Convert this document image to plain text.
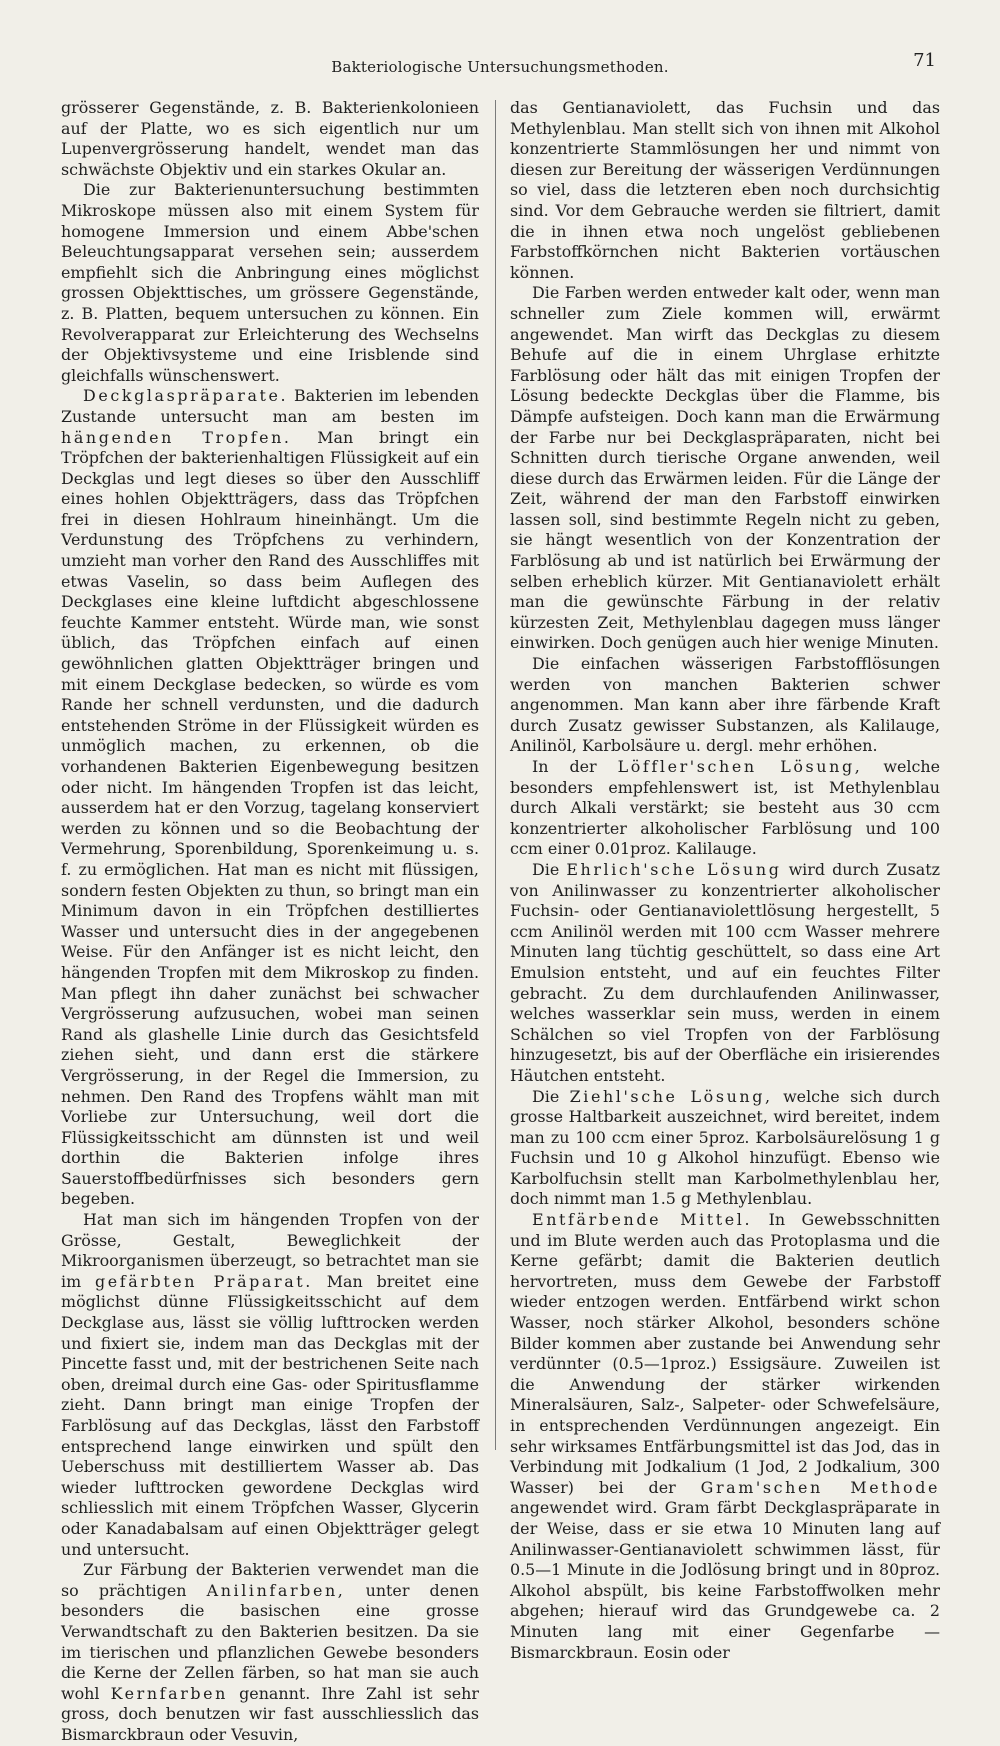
Bakteriologische Untersuchungsmethoden.	71

grösserer Gegenstände, z. B. Bakterienkolonieen auf der Platte, wo es sich eigentlich nur um Lupenvergrösserung handelt, wendet man das schwächste Objektiv und ein starkes Okular an.

Die zur Bakterienuntersuchung bestimmten Mikroskope müssen also mit einem System für homogene Immersion und einem Abbe'schen Beleuchtungsapparat versehen sein; ausserdem empfiehlt sich die Anbringung eines möglichst grossen Objekttisches, um grössere Gegenstände, z. B. Platten, bequem untersuchen zu können. Ein Revolverapparat zur Erleichterung des Wechselns der Objektivsysteme und eine Irisblende sind gleichfalls wünschenswert.

Deckglaspräparate. Bakterien im lebenden Zustande untersucht man am besten im hängenden Tropfen. Man bringt ein Tröpfchen der bakterienhaltigen Flüssigkeit auf ein Deckglas und legt dieses so über den Ausschliff eines hohlen Objektträgers, dass das Tröpfchen frei in diesen Hohlraum hineinhängt. Um die Verdunstung des Tröpfchens zu verhindern, umzieht man vorher den Rand des Ausschliffes mit etwas Vaselin, so dass beim Auflegen des Deckglases eine kleine luftdicht abgeschlossene feuchte Kammer entsteht. Würde man, wie sonst üblich, das Tröpfchen einfach auf einen gewöhnlichen glatten Objektträger bringen und mit einem Deckglase bedecken, so würde es vom Rande her schnell verdunsten, und die dadurch entstehenden Ströme in der Flüssigkeit würden es unmöglich machen, zu erkennen, ob die vorhandenen Bakterien Eigenbewegung besitzen oder nicht. Im hängenden Tropfen ist das leicht, ausserdem hat er den Vorzug, tagelang konserviert werden zu können und so die Beobachtung der Vermehrung, Sporenbildung, Sporenkeimung u. s. f. zu ermöglichen. Hat man es nicht mit flüssigen, sondern festen Objekten zu thun, so bringt man ein Minimum davon in ein Tröpfchen destilliertes Wasser und untersucht dies in der angegebenen Weise. Für den Anfänger ist es nicht leicht, den hängenden Tropfen mit dem Mikroskop zu finden. Man pflegt ihn daher zunächst bei schwacher Vergrösserung aufzusuchen, wobei man seinen Rand als glashelle Linie durch das Gesichtsfeld ziehen sieht, und dann erst die stärkere Vergrösserung, in der Regel die Immersion, zu nehmen. Den Rand des Tropfens wählt man mit Vorliebe zur Untersuchung, weil dort die Flüssigkeitsschicht am dünnsten ist und weil dorthin die Bakterien infolge ihres Sauerstoffbedürfnisses sich besonders gern begeben.

Hat man sich im hängenden Tropfen von der Grösse, Gestalt, Beweglichkeit der Mikroorganismen überzeugt, so betrachtet man sie im gefärbten Präparat. Man breitet eine möglichst dünne Flüssigkeitsschicht auf dem Deckglase aus, lässt sie völlig lufttrocken werden und fixiert sie, indem man das Deckglas mit der Pincette fasst und, mit der bestrichenen Seite nach oben, dreimal durch eine Gas- oder Spiritusflamme zieht. Dann bringt man einige Tropfen der Farblösung auf das Deckglas, lässt den Farbstoff entsprechend lange einwirken und spült den Ueberschuss mit destilliertem Wasser ab. Das wieder lufttrocken gewordene Deckglas wird schliesslich mit einem Tröpfchen Wasser, Glycerin oder Kanadabalsam auf einen Objektträger gelegt und untersucht.

Zur Färbung der Bakterien verwendet man die so prächtigen Anilinfarben, unter denen besonders die basischen eine grosse Verwandtschaft zu den Bakterien besitzen. Da sie im tierischen und pflanzlichen Gewebe besonders die Kerne der Zellen färben, so hat man sie auch wohl Kernfarben genannt. Ihre Zahl ist sehr gross, doch benutzen wir fast ausschliesslich das Bismarckbraun oder Vesuvin,

das Gentianaviolett, das Fuchsin und das Methylenblau. Man stellt sich von ihnen mit Alkohol konzentrierte Stammlösungen her und nimmt von diesen zur Bereitung der wässerigen Verdünnungen so viel, dass die letzteren eben noch durchsichtig sind. Vor dem Gebrauche werden sie filtriert, damit die in ihnen etwa noch ungelöst gebliebenen Farbstoffkörnchen nicht Bakterien vortäuschen können.

Die Farben werden entweder kalt oder, wenn man schneller zum Ziele kommen will, erwärmt angewendet. Man wirft das Deckglas zu diesem Behufe auf die in einem Uhrglase erhitzte Farblösung oder hält das mit einigen Tropfen der Lösung bedeckte Deckglas über die Flamme, bis Dämpfe aufsteigen. Doch kann man die Erwärmung der Farbe nur bei Deckglaspräparaten, nicht bei Schnitten durch tierische Organe anwenden, weil diese durch das Erwärmen leiden. Für die Länge der Zeit, während der man den Farbstoff einwirken lassen soll, sind bestimmte Regeln nicht zu geben, sie hängt wesentlich von der Konzentration der Farblösung ab und ist natürlich bei Erwärmung der selben erheblich kürzer. Mit Gentianaviolett erhält man die gewünschte Färbung in der relativ kürzesten Zeit, Methylenblau dagegen muss länger einwirken. Doch genügen auch hier wenige Minuten.

Die einfachen wässerigen Farbstofflösungen werden von manchen Bakterien schwer angenommen. Man kann aber ihre färbende Kraft durch Zusatz gewisser Substanzen, als Kalilauge, Anilinöl, Karbolsäure u. dergl. mehr erhöhen.

In der Löffler'schen Lösung, welche besonders empfehlenswert ist, ist Methylenblau durch Alkali verstärkt; sie besteht aus 30 ccm konzentrierter alkoholischer Farblösung und 100 ccm einer 0.01proz. Kalilauge.

Die Ehrlich'sche Lösung wird durch Zusatz von Anilinwasser zu konzentrierter alkoholischer Fuchsin- oder Gentianaviolettlösung hergestellt, 5 ccm Anilinöl werden mit 100 ccm Wasser mehrere Minuten lang tüchtig geschüttelt, so dass eine Art Emulsion entsteht, und auf ein feuchtes Filter gebracht. Zu dem durchlaufenden Anilinwasser, welches wasserklar sein muss, werden in einem Schälchen so viel Tropfen von der Farblösung hinzugesetzt, bis auf der Oberfläche ein irisierendes Häutchen entsteht.

Die Ziehl'sche Lösung, welche sich durch grosse Haltbarkeit auszeichnet, wird bereitet, indem man zu 100 ccm einer 5proz. Karbolsäurelösung 1 g Fuchsin und 10 g Alkohol hinzufügt. Ebenso wie Karbolfuchsin stellt man Karbolmethylenblau her, doch nimmt man 1.5 g Methylenblau.

Entfärbende Mittel. In Gewebsschnitten und im Blute werden auch das Protoplasma und die Kerne gefärbt; damit die Bakterien deutlich hervortreten, muss dem Gewebe der Farbstoff wieder entzogen werden. Entfärbend wirkt schon Wasser, noch stärker Alkohol, besonders schöne Bilder kommen aber zustande bei Anwendung sehr verdünnter (0.5—1proz.) Essigsäure. Zuweilen ist die Anwendung der stärker wirkenden Mineralsäuren, Salz-, Salpeter- oder Schwefelsäure, in entsprechenden Verdünnungen angezeigt. Ein sehr wirksames Entfärbungsmittel ist das Jod, das in Verbindung mit Jodkalium (1 Jod, 2 Jodkalium, 300 Wasser) bei der Gram'schen Methode angewendet wird. Gram färbt Deckglaspräparate in der Weise, dass er sie etwa 10 Minuten lang auf Anilinwasser-Gentianaviolett schwimmen lässt, für 0.5—1 Minute in die Jodlösung bringt und in 80proz. Alkohol abspült, bis keine Farbstoffwolken mehr abgehen; hierauf wird das Grundgewebe ca. 2 Minuten lang mit einer Gegenfarbe — Bismarckbraun. Eosin oder
